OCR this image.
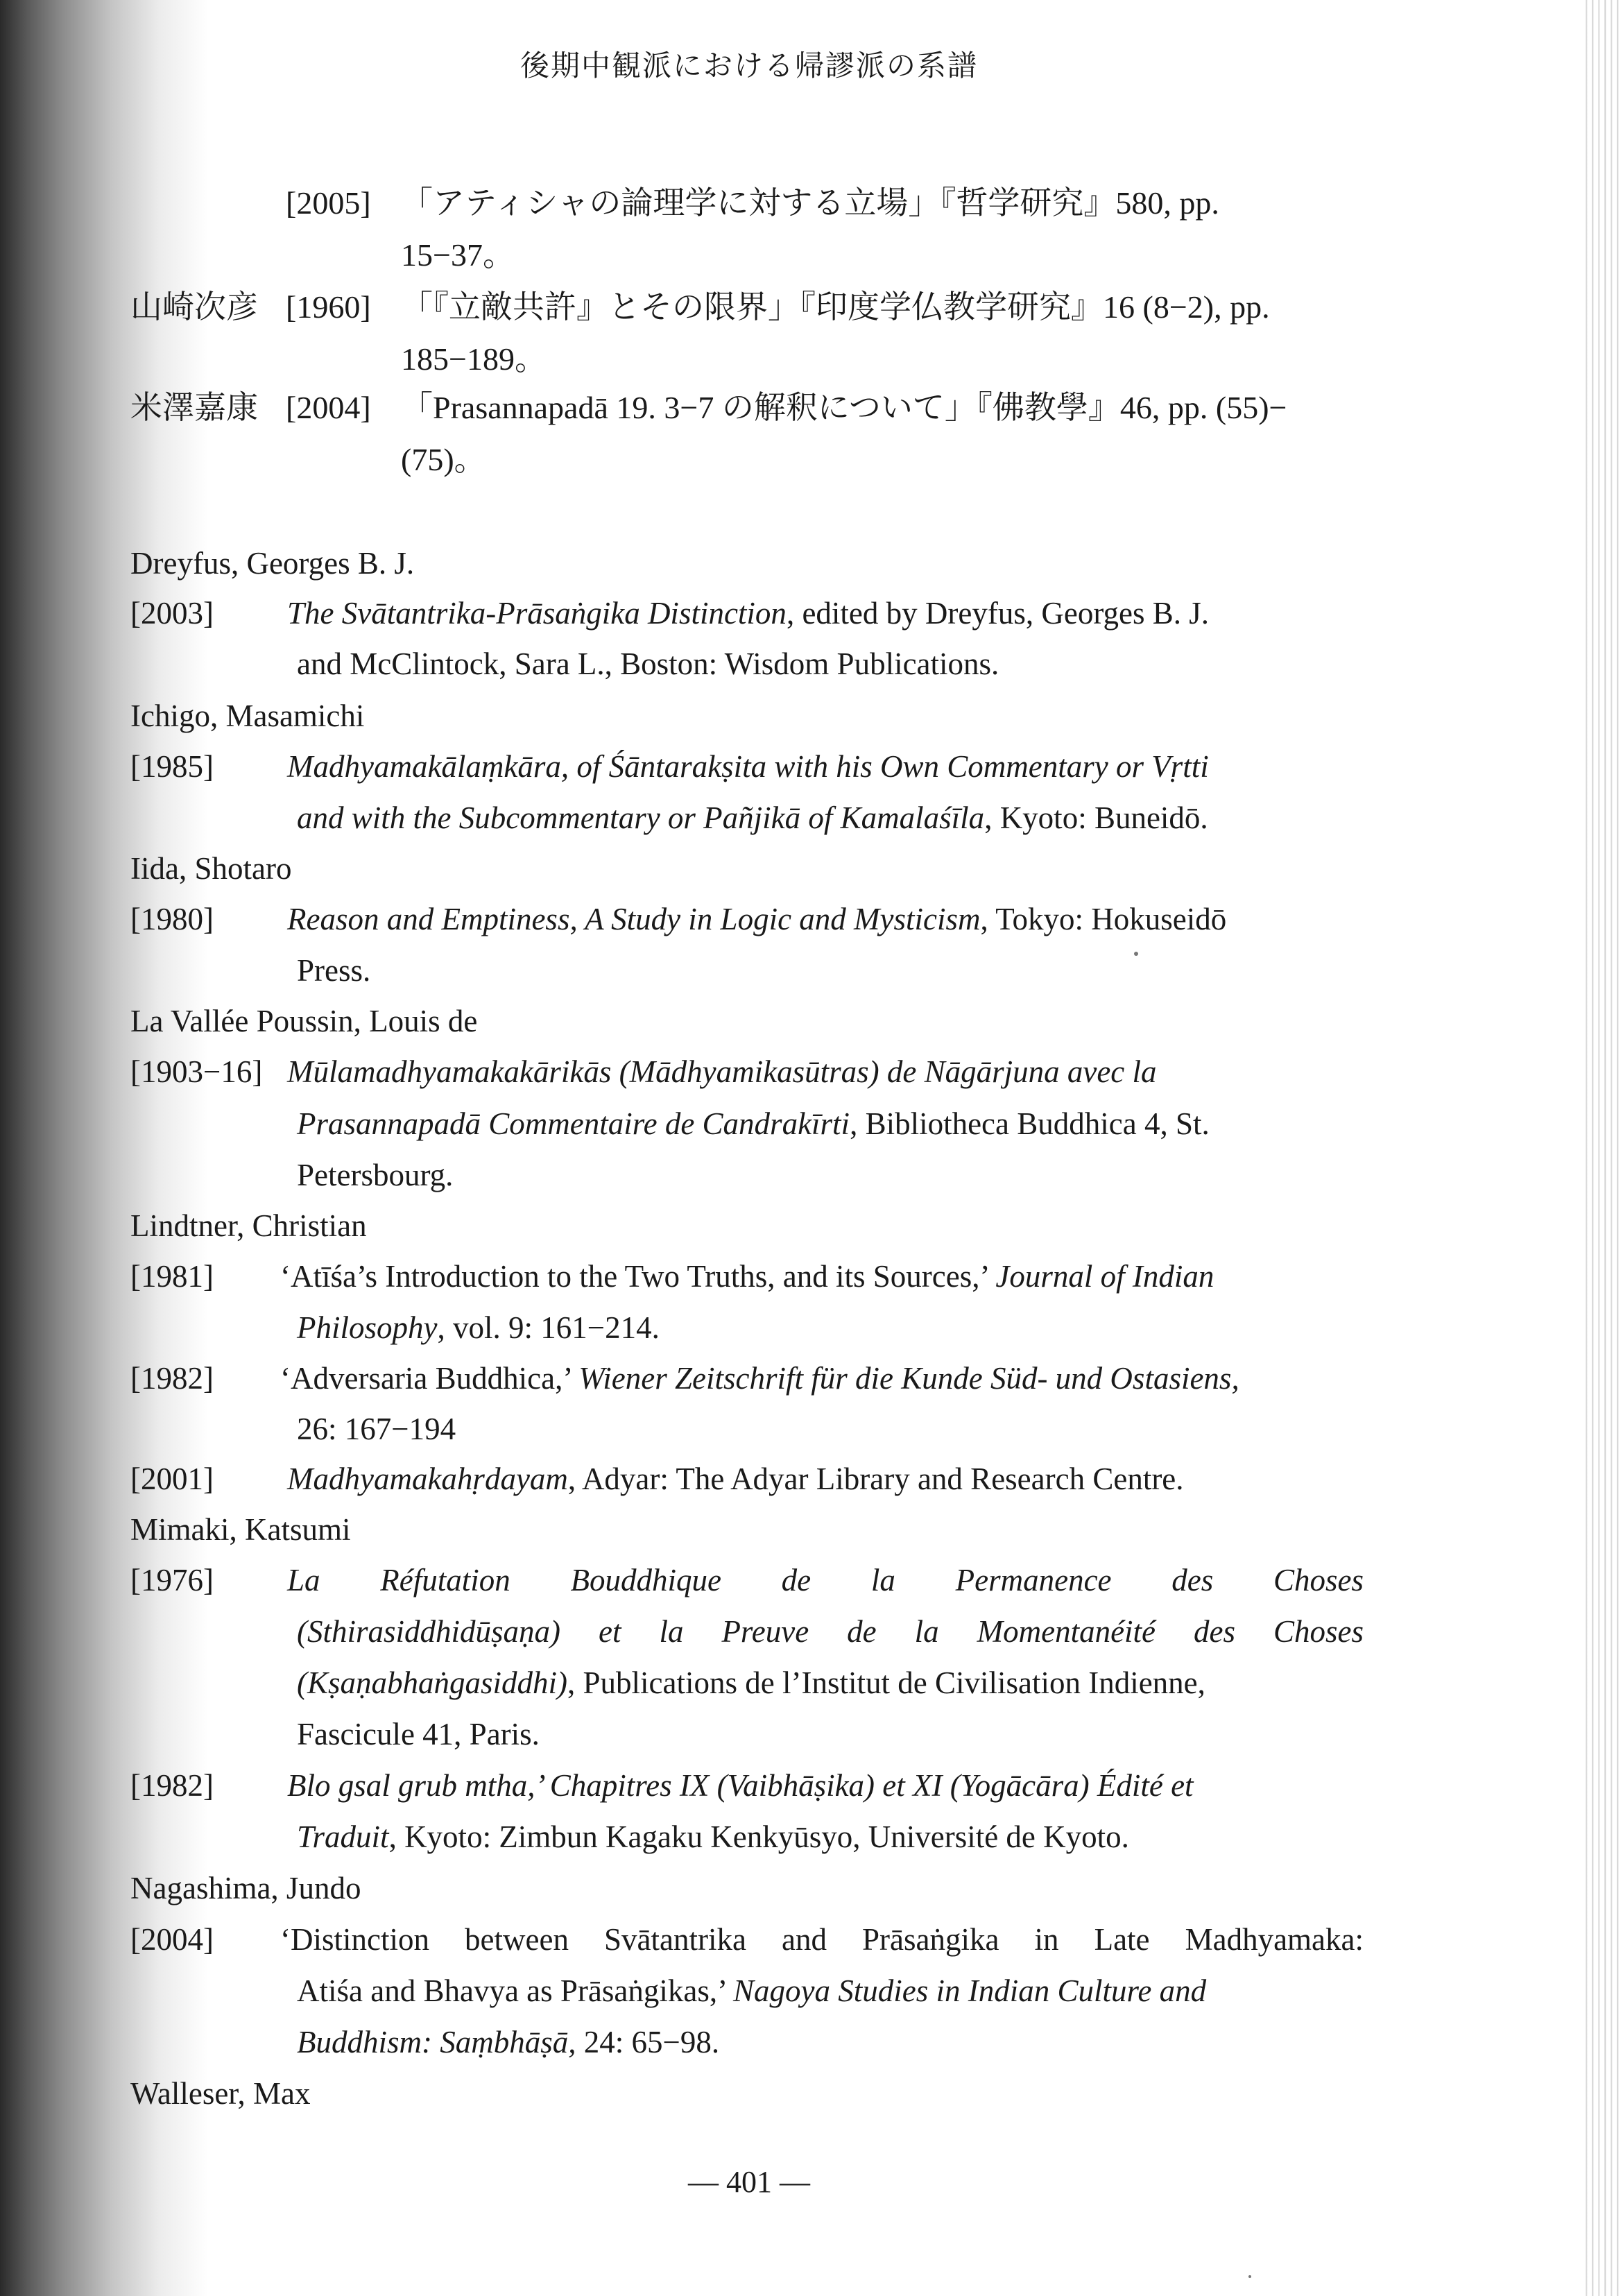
後期中観派における帰謬派の系譜
[2005] 「アティシャの論理学に対する立場」『哲学研究』580, pp.
15−37。
山崎次彦 [1960] 「『立敵共許』とその限界」『印度学仏教学研究』16 (8−2), pp.
185−189。
米澤嘉康 [2004] 「Prasannapadā 19. 3−7 の解釈について」『佛教學』46, pp. (55)−
(75)。
Dreyfus, Georges B. J.
[2003] The Svātantrika-Prāsaṅgika Distinction, edited by Dreyfus, Georges B. J.
and McClintock, Sara L., Boston: Wisdom Publications.
Ichigo, Masamichi
[1985] Madhyamakālaṃkāra, of Śāntarakṣita with his Own Commentary or Vṛtti
and with the Subcommentary or Pañjikā of Kamalaśīla, Kyoto: Buneidō.
Iida, Shotaro
[1980] Reason and Emptiness, A Study in Logic and Mysticism, Tokyo: Hokuseidō
Press.
La Vallée Poussin, Louis de
[1903−16] Mūlamadhyamakakārikās (Mādhyamikasūtras) de Nāgārjuna avec la
Prasannapadā Commentaire de Candrakīrti, Bibliotheca Buddhica 4, St.
Petersbourg.
Lindtner, Christian
[1981] ‘Atīśa’s Introduction to the Two Truths, and its Sources,’ Journal of Indian
Philosophy, vol. 9: 161−214.
[1982] ‘Adversaria Buddhica,’ Wiener Zeitschrift für die Kunde Süd- und Ostasiens,
26: 167−194
[2001] Madhyamakahṛdayam, Adyar: The Adyar Library and Research Centre.
Mimaki, Katsumi
[1976] La Réfutation Bouddhique de la Permanence des Choses
(Sthirasiddhidūṣaṇa) et la Preuve de la Momentanéité des Choses
(Kṣaṇabhaṅgasiddhi), Publications de l’Institut de Civilisation Indienne,
Fascicule 41, Paris.
[1982] Blo gsal grub mtha,’ Chapitres IX (Vaibhāṣika) et XI (Yogācāra) Édité et
Traduit, Kyoto: Zimbun Kagaku Kenkyūsyo, Université de Kyoto.
Nagashima, Jundo
[2004] ‘Distinction between Svātantrika and Prāsaṅgika in Late Madhyamaka:
Atiśa and Bhavya as Prāsaṅgikas,’ Nagoya Studies in Indian Culture and
Buddhism: Saṃbhāṣā, 24: 65−98.
Walleser, Max
— 401 —
